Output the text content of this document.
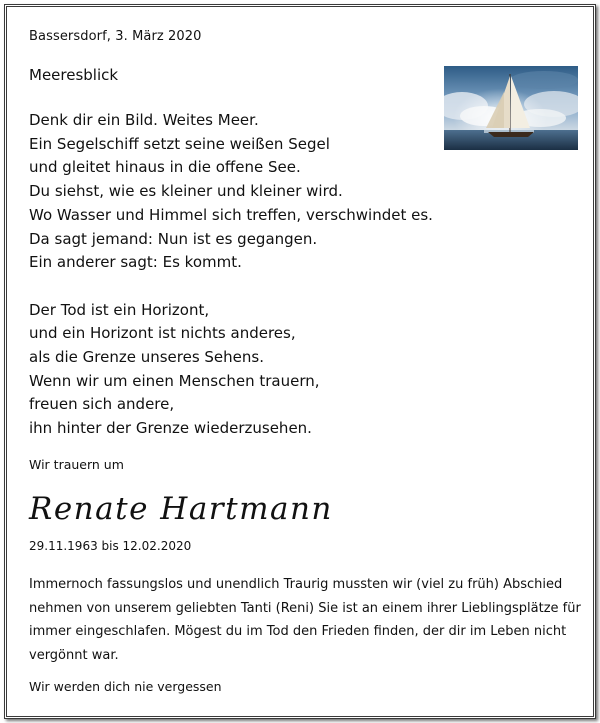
Bassersdorf, 3. März 2020
Meeresblick
Denk dir ein Bild. Weites Meer.
Ein Segelschiff setzt seine weißen Segel
und gleitet hinaus in die offene See.
Du siehst, wie es kleiner und kleiner wird.
Wo Wasser und Himmel sich treffen, verschwindet es.
Da sagt jemand: Nun ist es gegangen.
Ein anderer sagt: Es kommt.
Der Tod ist ein Horizont,
und ein Horizont ist nichts anderes,
als die Grenze unseres Sehens.
Wenn wir um einen Menschen trauern,
freuen sich andere,
ihn hinter der Grenze wiederzusehen.
Wir trauern um
Renate Hartmann
29.11.1963 bis 12.02.2020
Immernoch fassungslos und unendlich Traurig mussten wir (viel zu früh) Abschied
nehmen von unserem geliebten Tanti (Reni) Sie ist an einem ihrer Lieblingsplätze für
immer eingeschlafen. Mögest du im Tod den Frieden finden, der dir im Leben nicht
vergönnt war.
Wir werden dich nie vergessen
